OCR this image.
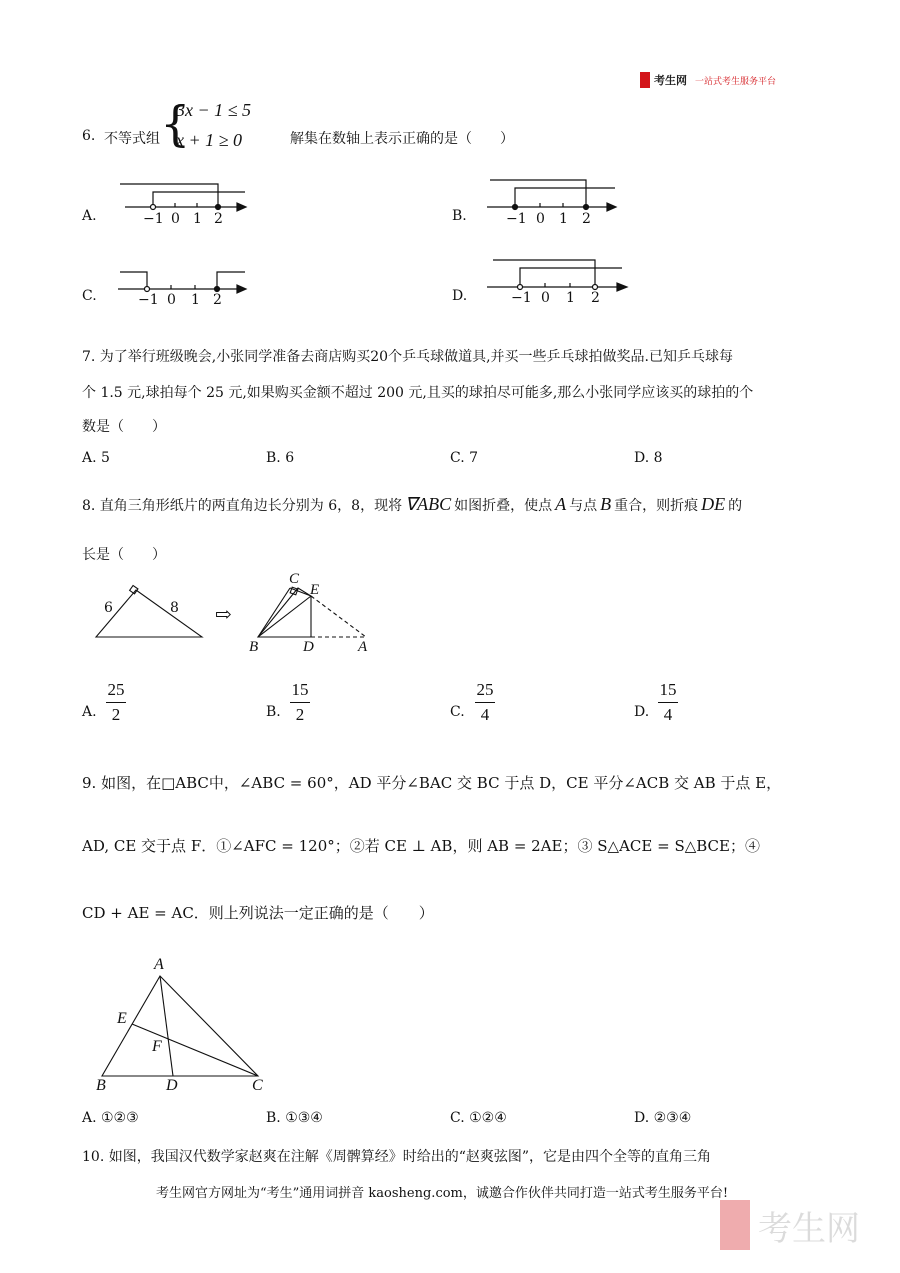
考生网 一站式考生服务平台
6. 不等式组 {
3x − 1 ≤ 5
x + 1 ≥ 0	解集在数轴上表示正确的是（　　）
A.	B.
C.	D.
−1 0 1 2	−1 0 1 2
−1 0 1 2	−1 0 1 2
7. 为了举行班级晚会,小张同学准备去商店购买20个乒乓球做道具,并买一些乒乓球拍做奖品.已知乒乓球每
个 1.5 元,球拍每个 25 元,如果购买金额不超过 200 元,且买的球拍尽可能多,那么小张同学应该买的球拍的个
数是（　　）
A. 5	B. 6	C. 7	D. 8
8. 直角三角形纸片的两直角边长分别为 6，8，现将 ∇ABC 如图折叠，使点 A 与点 B 重合，则折痕 DE 的
长是（　　）
6	8 ⇨
C
E
B	D	A
A.
25
2	B.
15
2	C.
25
4	D.
15
4
9. 如图，在□ABC中，∠ABC = 60°，AD 平分∠BAC 交 BC 于点 D，CE 平分∠ACB 交 AB 于点 E，
AD, CE 交于点 F．①∠AFC = 120°；②若 CE ⊥ AB，则 AB = 2AE；③ S△ACE = S△BCE；④
CD + AE = AC．则上列说法一定正确的是（　　）
A
E
F
B	D	C
A. ①②③	B. ①③④	C. ①②④	D. ②③④
10. 如图，我国汉代数学家赵爽在注解《周髀算经》时给出的“赵爽弦图”，它是由四个全等的直角三角
考生网官方网址为“考生”通用词拼音 kaosheng.com，诚邀合作伙伴共同打造一站式考生服务平台!
考生网
